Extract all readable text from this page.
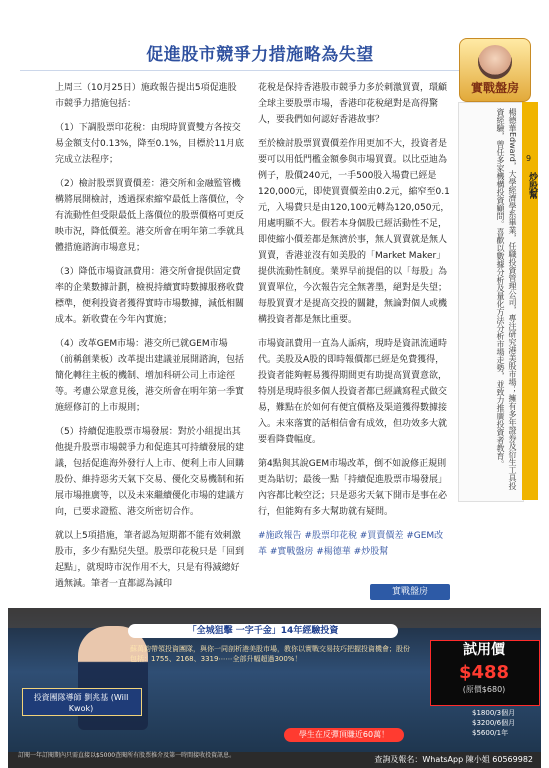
促進股市競爭力措施略為失望
實戰盤房

上周三（10月25日）施政報告提出5項促進股市競爭力措施包括：

（1）下調股票印花稅：由現時買賣雙方各按交易金額支付0.13%，降至0.1%，目標於11月底完成立法程序；

（2）檢討股票買賣價差：港交所和金融監管機構將展開檢討，透過探索縮窄最低上落價位，令有流動性但受限最低上落價位的股票價格可更反映市況，降低價差。港交所會在明年第二季就具體措施諮詢市場意見；

（3）降低市場資訊費用：港交所會提供固定費率的企業數據計劃，檢視持續實時數據服務收費標準，便利投資者獲得實時市場數據，減低相關成本。新收費在今年內實施；

（4）改革GEM市場：港交所已就GEM市場（前稱創業板）改革提出建議並展開諮詢，包括簡化轉往主板的機制、增加科研公司上市途徑等。考慮公眾意見後，港交所會在明年第一季實施經修訂的上市規則；

（5）持續促進股票市場發展：對於小組提出其他提升股票市場競爭力和促進其可持續發展的建議，包括促進海外發行人上市、便利上市人回購股份、維持惡劣天氣下交易、優化交易機制和拓展市場推廣等，以及未來繼續優化市場的建議方向，已要求證監、港交所密切合作。

就以上5項措施，筆者認為短期都不能有效刺激股市，多少有點兒失望。股票印花稅只是「回到起點」，就現時市況作用不大，只是有得減總好過無減。筆者一直都認為減印

花稅是保持香港股市競爭力多於刺激買賣，環顧全球主要股票市場，香港印花稅絕對是高得驚人，要我們如何認好香港故事？

至於檢討股票買賣價差作用更加不大，投資者是要可以用低門檻金額參與市場買賣。以比亞迪為例子，股價240元，一手500股入場費已經是120,000元，即使買賣價差由0.2元，縮窄至0.1元，入場費只是由120,100元轉為120,050元，用處明顯不大。假若本身個股已經活動性不足，即使縮小價差都是無濟於事，無人買賣就是無人買賣，香港並沒有如美股的「Market Maker」提供流動性制度。業界早前提倡的以「每股」為買賣單位，今次報告完全無著墨，絕對是失望；每股買賣才是提高交投的關鍵，無論對個人或機構投資者都是無比重要。

市場資訊費用一直為人詬病，現時是資訊流通時代。美股及A股的即時報價都已經是免費獲得，投資者能夠輕易獲得期間更有助提高買賣意欲，特別是現時很多個人投資者都已經識寫程式做交易，難點在於如何有便宜價格及渠道獲得數據接入。未來落實的話相信會有成效，但功效多大就要看降費幅度。

第4點與其說GEM市場改革，倒不如說修正規則更為貼切；最後一點「持續促進股票市場發展」內容都比較空泛；只是惡劣天氣下開市是事在必行，但能夠有多大幫助就有疑問。

#施政報告 #股票印花稅 #買賣價差 #GEM改革 #實戰盤房 #楊德華 #炒股幫

實戰盤房
9
炒股幫
楊德華Edward，大學經濟學系畢業，任職投資管理公司，專注研究港美股市場；擁有多年證券及衍生工具投資經驗，曾任多家機構投資顧問。喜歡以數據分析及量化方法分析市場走勢，並致力推廣投資者教育。
「全城狙擊 一字千金」14年經驗投資
蘇萬鈞帶領投資團隊，與你一同剖析港美股市場，教你以實戰交易技巧把握投資機會；股份包括：1755、2168、3319⋯⋯全部升幅超過300%！
投資團隊導師 劉兆基 (Will Kwok)
試用價
$488
(原價$680)
$1800/3個月 $3200/6個月 $5600/1年
學生在反彈頂賺近60萬！
訂閱一年訂閱期內只需直接以$5000查閱所有股票推介及第一時間接收投資訊息。	查詢及報名：WhatsApp 陳小姐 60569982
